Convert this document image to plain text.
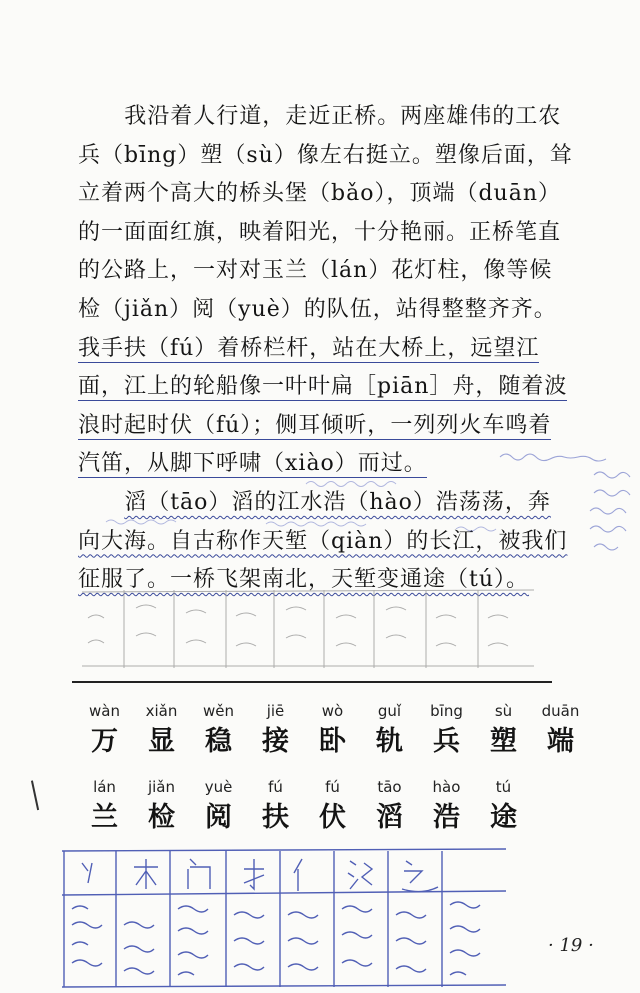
我沿着人行道，走近正桥。两座雄伟的工农兵（bīng）塑（sù）像左右挺立。塑像后面，耸立着两个高大的桥头堡（bǎo），顶端（duān）的一面面红旗，映着阳光，十分艳丽。正桥笔直的公路上，一对对玉兰（lán）花灯柱，像等候检（jiǎn）阅（yuè）的队伍，站得整整齐齐。我手扶（fú）着桥栏杆，站在大桥上，远望江面，江上的轮船像一叶叶扁［piān］舟，随着波浪时起时伏（fú）；侧耳倾听，一列列火车鸣着汽笛，从脚下呼啸（xiào）而过。

滔（tāo）滔的江水浩（hào）浩荡荡，奔向大海。自古称作天堑（qiàn）的长江，被我们征服了。一桥飞架南北，天堑变通途（tú）。

wàn
万
xiǎn
显
wěn
稳
jiē
接
wò
卧
guǐ
轨
bīng
兵
sù
塑
duān
端
lán
兰
jiǎn
检
yuè
阅
fú
扶
fú
伏
tāo
滔
hào
浩
tú
途
· 19 ·
